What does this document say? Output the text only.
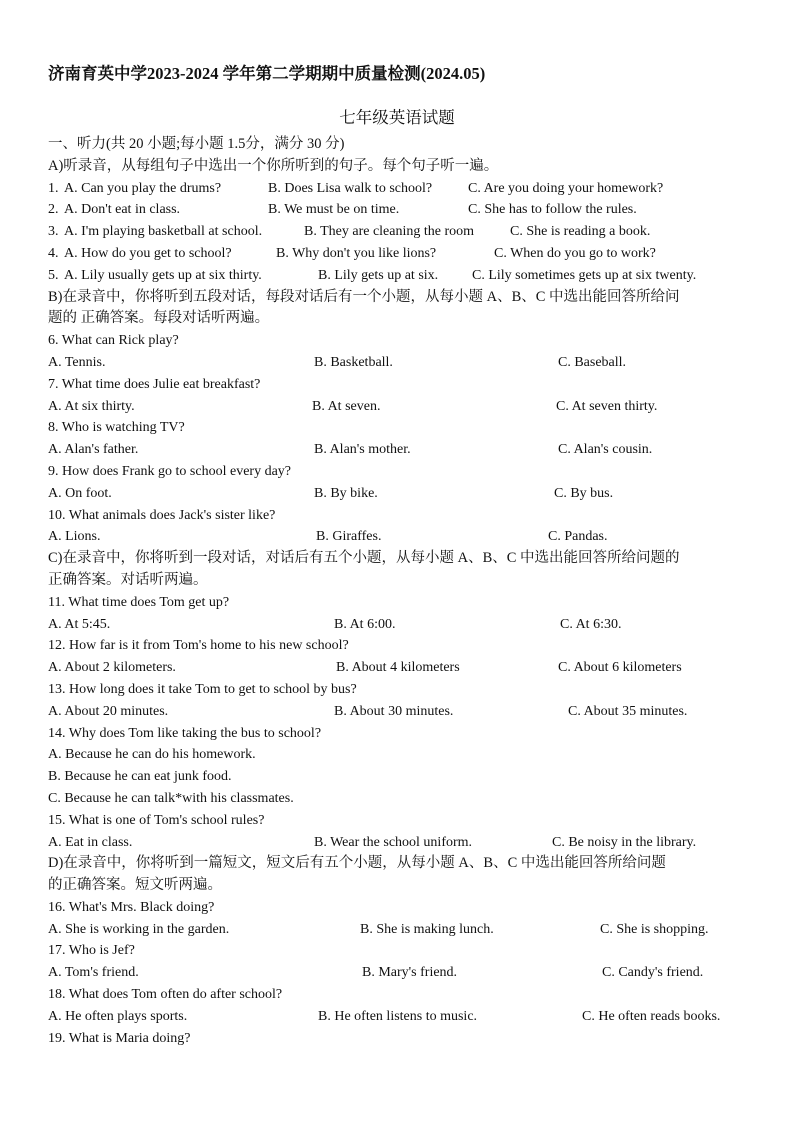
济南育英中学2023-2024 学年第二学期期中质量检测(2024.05)
七年级英语试题
一、听力(共 20 小题;每小题 1.5分，满分 30 分)
A)听录音，从每组句子中选出一个你所听到的句子。每个句子听一遍。
1. A. Can you play the drums?	B. Does Lisa walk to school?	C. Are you doing your homework?
2. A. Don't eat in class.	B. We must be on time.	C. She has to follow the rules.
3. A. I'm playing basketball at school.	B. They are cleaning the room	C. She is reading a book.
4. A. How do you get to school?	B. Why don't you like lions?	C. When do you go to work?
5. A. Lily usually gets up at six thirty.	B. Lily gets up at six. C. Lily sometimes gets up at six twenty.
B)在录音中，你将听到五段对话，每段对话后有一个小题，从每小题 A、B、C 中选出能回答所给问
题的 正确答案。每段对话听两遍。
6. What can Rick play?
A. Tennis.	B. Basketball.	C. Baseball.
7. What time does Julie eat breakfast?
A. At six thirty.	B. At seven.	C. At seven thirty.
8. Who is watching TV?
A. Alan's father.	B. Alan's mother.	C. Alan's cousin.
9. How does Frank go to school every day?
A. On foot.	B. By bike.	C. By bus.
10. What animals does Jack's sister like?
A. Lions.	B. Giraffes.	C. Pandas.
C)在录音中，你将听到一段对话，对话后有五个小题，从每小题 A、B、C 中选出能回答所给问题的
正确答案。对话听两遍。
11. What time does Tom get up?
A. At 5:45.	B. At 6:00.	C. At 6:30.
12. How far is it from Tom's home to his new school?
A. About 2 kilometers.	B. About 4 kilometers	C. About 6 kilometers
13. How long does it take Tom to get to school by bus?
A. About 20 minutes.	B. About 30 minutes.	C. About 35 minutes.
14. Why does Tom like taking the bus to school?
A. Because he can do his homework.
B. Because he can eat junk food.
C. Because he can talk*with his classmates.
15. What is one of Tom's school rules?
A. Eat in class.	B. Wear the school uniform.	C. Be noisy in the library.
D)在录音中，你将听到一篇短文，短文后有五个小题，从每小题 A、B、C 中选出能回答所给问题
的正确答案。短文听两遍。
16. What's Mrs. Black doing?
A. She is working in the garden.	B. She is making lunch.	C. She is shopping.
17. Who is Jef?
A. Tom's friend.	B. Mary's friend.	C. Candy's friend.
18. What does Tom often do after school?
A. He often plays sports.	B. He often listens to music.	C. He often reads books.
19. What is Maria doing?
